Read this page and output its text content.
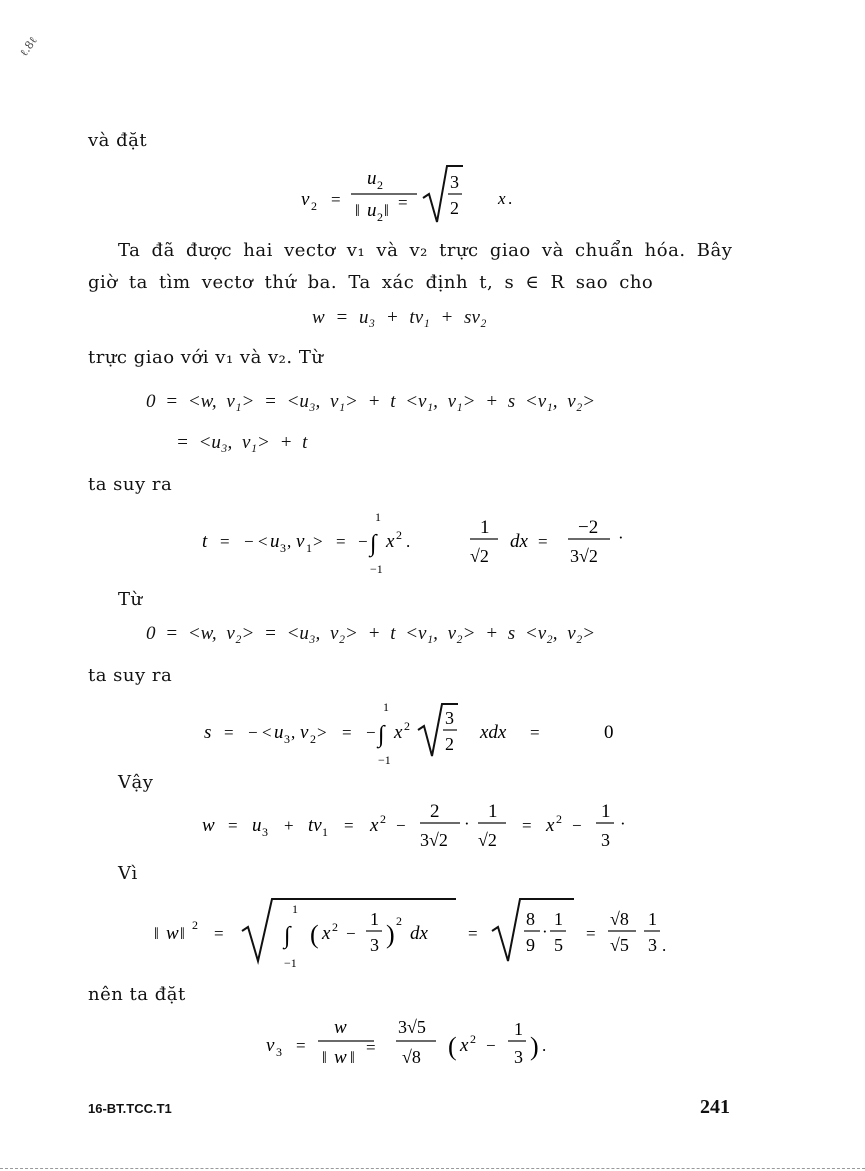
ℓ.8ℓ
và đặt
v 2 =
u 2
‖ u 2 ‖ =
3
2 x .
Ta đã được hai vectơ v₁ và v₂ trực giao và chuẩn hóa. Bây
giờ ta tìm vectơ thứ ba. Ta xác định t, s ∈ R sao cho
w = u₃ + tv₁ + sv₂
trực giao với v₁ và v₂. Từ
0 = <w, v₁> = <u₃, v₁> + t <v₁, v₁> + s <v₁, v₂>
= <u₃, v₁> + t
ta suy ra
t = − < u 3 , v 1 > = − ∫
1
−1
x 2 .
1
√2
dx =
−2
3√2
·
Từ
0 = <w, v₂> = <u₃, v₂> + t <v₁, v₂> + s <v₂, v₂>
ta suy ra
s = − < u 3 , v 2 > = − ∫
1
−1
x 2 3
2
xdx =	0
Vậy
w = u 3 + tv 1 = x 2 −
2
3√2
·
1
√2
= x 2 −
1
3
·
Vì
‖ w ‖ 2 =	∫
1
−1
( x 2 −
1
3 ) 2
dx =
8
9
·
1
5
=
√8
√5
1
3 .
nên ta đặt
v 3 =
w
‖ w ‖
=
3√5
√8 ( x 2 −
1
3 ) .
16-BT.TCC.T1	241
